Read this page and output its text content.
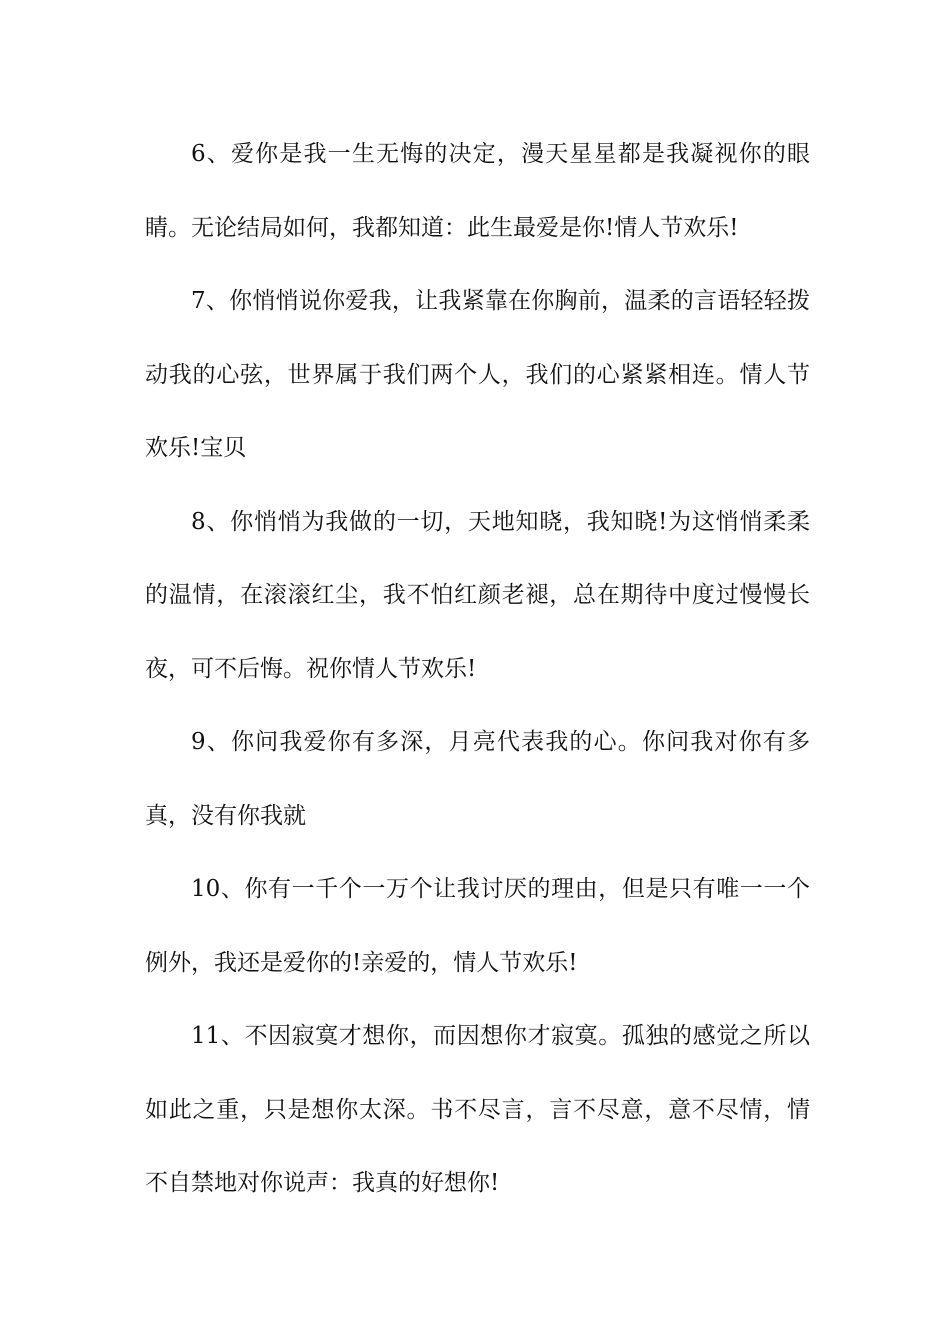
6、爱你是我一生无悔的决定，漫天星星都是我凝视你的眼睛。无论结局如何，我都知道：此生最爱是你!情人节欢乐!

7、你悄悄说你爱我，让我紧靠在你胸前，温柔的言语轻轻拨动我的心弦，世界属于我们两个人，我们的心紧紧相连。情人节欢乐!宝贝

8、你悄悄为我做的一切，天地知晓，我知晓!为这悄悄柔柔的温情，在滚滚红尘，我不怕红颜老褪，总在期待中度过慢慢长夜，可不后悔。祝你情人节欢乐!

9、你问我爱你有多深，月亮代表我的心。你问我对你有多真，没有你我就

10、你有一千个一万个让我讨厌的理由，但是只有唯一一个例外，我还是爱你的!亲爱的，情人节欢乐!

11、不因寂寞才想你，而因想你才寂寞。孤独的感觉之所以如此之重，只是想你太深。书不尽言，言不尽意，意不尽情，情不自禁地对你说声：我真的好想你!
